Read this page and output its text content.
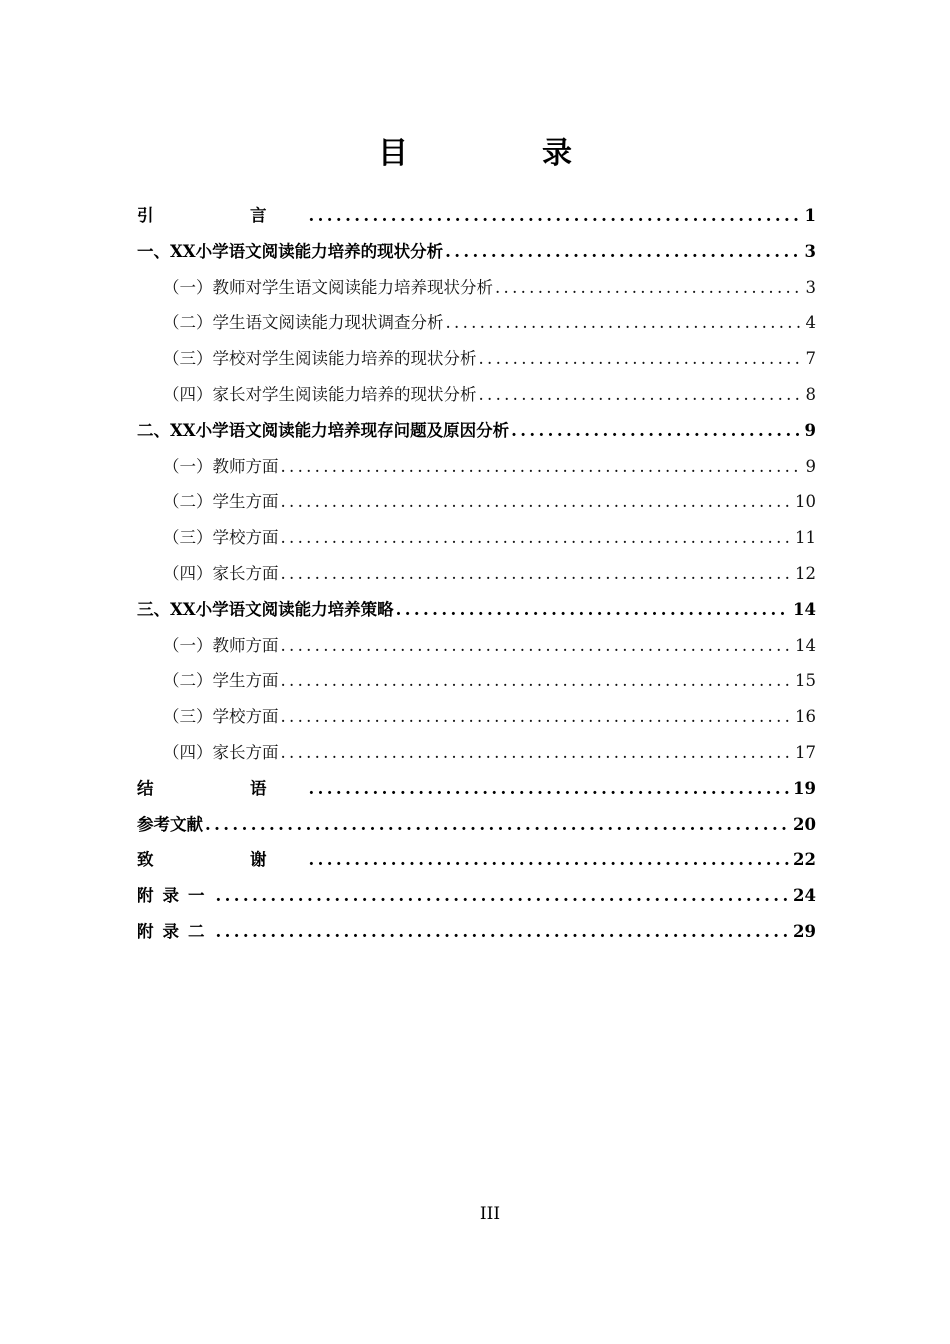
目　录
引　言 .....	1
一、XX小学语文阅读能力培养的现状分析 .....	3
（一）教师对学生语文阅读能力培养现状分析 .....	3
（二）学生语文阅读能力现状调查分析 .....	4
（三）学校对学生阅读能力培养的现状分析 .....	7
（四）家长对学生阅读能力培养的现状分析 .....	8
二、XX小学语文阅读能力培养现存问题及原因分析 .....	9
（一）教师方面 .....	9
（二）学生方面 .....	10
（三）学校方面 .....	11
（四）家长方面 .....	12
三、XX小学语文阅读能力培养策略 .....	14
（一）教师方面 .....	14
（二）学生方面 .....	15
（三）学校方面 .....	16
（四）家长方面 .....	17
结　语 .....	19
参考文献 .....	20
致　谢 .....	22
附录一 .....	24
附录二 .....	29
III
